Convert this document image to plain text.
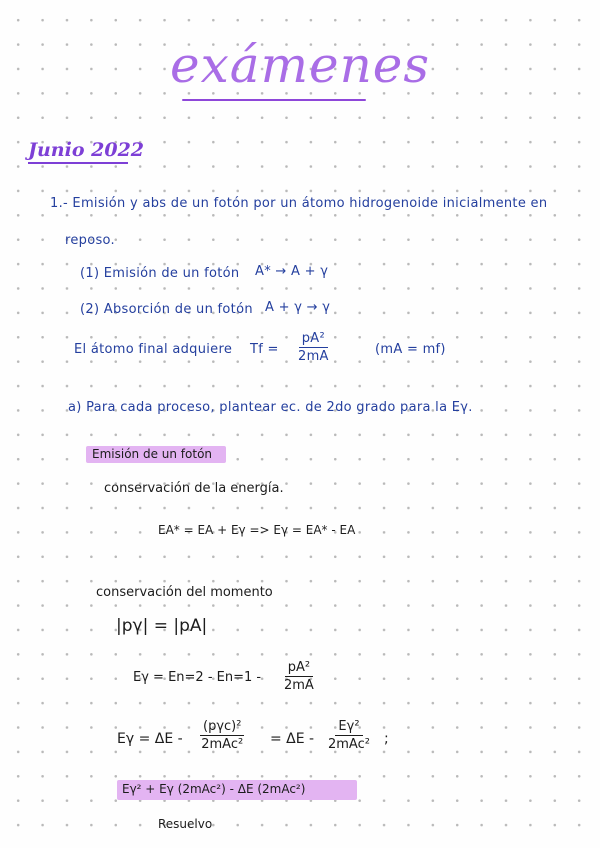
exámenes
Junio 2022
1.- Emisión y abs de un fotón por un átomo hidrogenoide inicialmente en
reposo.
(1) Emisión de un fotón A* → A + γ
(2) Absorción de un fotón A + γ → γ
El átomo final adquiere $Tf = \frac{\text{pA²}}{2mA}$	(mA = mf)
a) Para cada proceso, plantear ec. de 2do grado para la Eγ.
Emisión de un fotón
conservación de la energía.
EA* = EA + Eγ => Eγ = EA* - EA
conservación del momento
|pγ| = |pA|
$E\gamma = En=2 - En=1 - \frac{\text{pA²}}{2mA}$
Eγ = ΔE -
(pγc)²
2mAc² = ΔE -
Eγ²
2mAc² ;
Eγ² + Eγ (2mAc²) - ΔE (2mAc²)
Resuelvo
